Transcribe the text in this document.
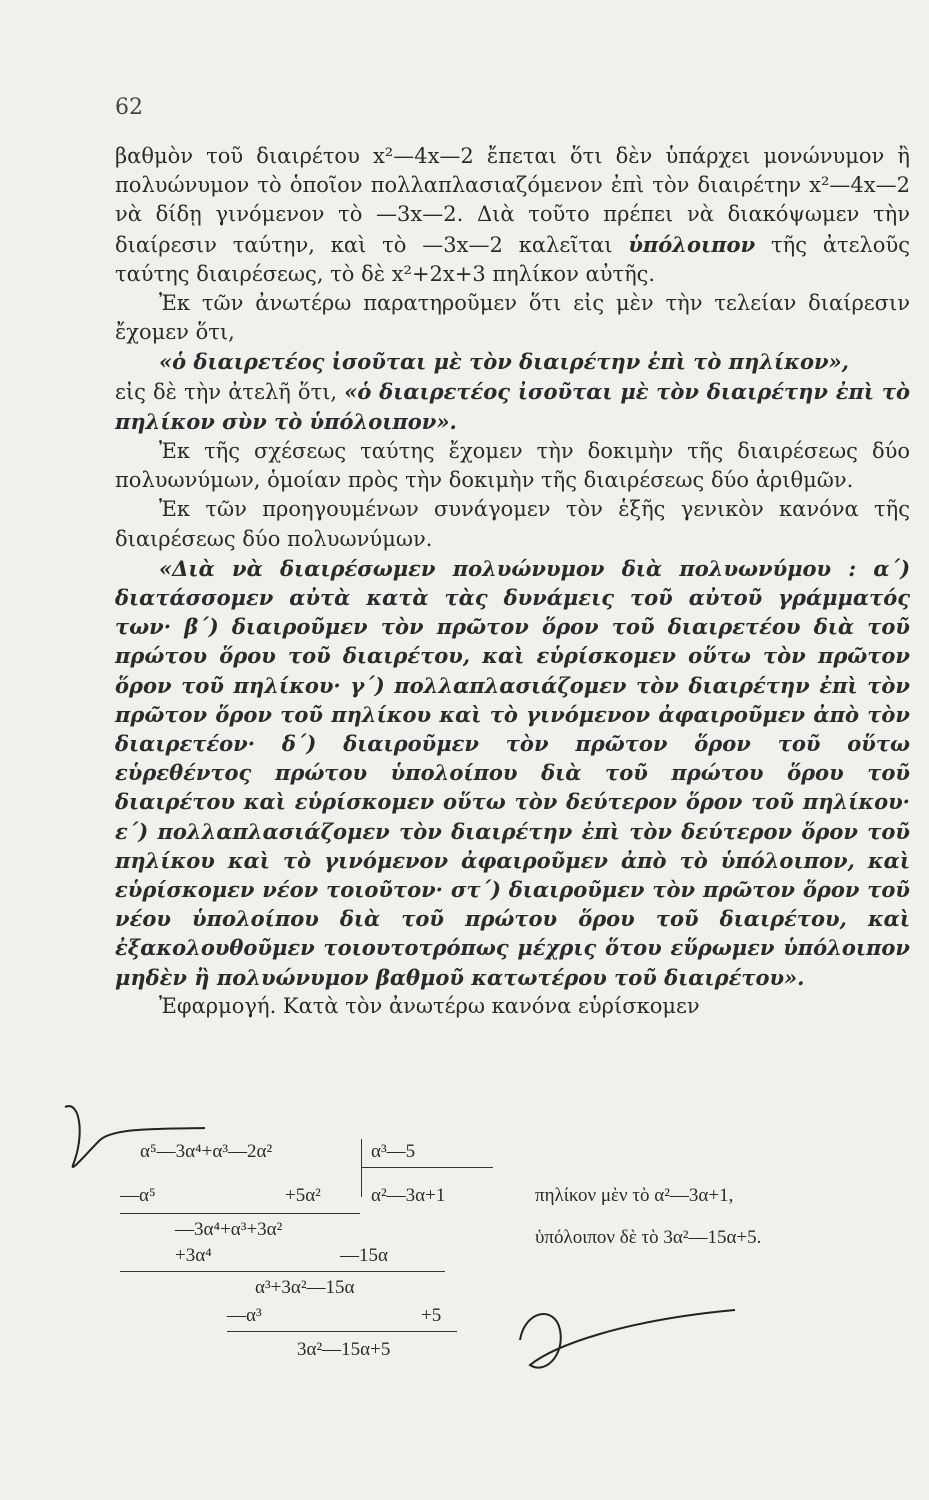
62

βαθμὸν τοῦ διαιρέτου x²—4x—2 ἔπεται ὅτι δὲν ὑπάρχει μονώνυμον ἢ πολυώνυμον τὸ ὁποῖον πολλαπλασιαζόμενον ἐπὶ τὸν διαιρέτην x²—4x—2 νὰ δίδῃ γινόμενον τὸ —3x—2. Διὰ τοῦτο πρέπει νὰ διακόψωμεν τὴν διαίρεσιν ταύτην, καὶ τὸ —3x—2 καλεῖται ὑπόλοιπον τῆς ἀτελοῦς ταύτης διαιρέσεως, τὸ δὲ x²+2x+3 πηλίκον αὐτῆς.

Ἐκ τῶν ἀνωτέρω παρατηροῦμεν ὅτι εἰς μὲν τὴν τελείαν διαίρεσιν ἔχομεν ὅτι,

«ὁ διαιρετέος ἰσοῦται μὲ τὸν διαιρέτην ἐπὶ τὸ πηλίκον»,

εἰς δὲ τὴν ἀτελῆ ὅτι, «ὁ διαιρετέος ἰσοῦται μὲ τὸν διαιρέτην ἐπὶ τὸ πηλίκον σὺν τὸ ὑπόλοιπον».

Ἐκ τῆς σχέσεως ταύτης ἔχομεν τὴν δοκιμὴν τῆς διαιρέσεως δύο πολυωνύμων, ὁμοίαν πρὸς τὴν δοκιμὴν τῆς διαιρέσεως δύο ἀριθμῶν.

Ἐκ τῶν προηγουμένων συνάγομεν τὸν ἑξῆς γενικὸν κανόνα τῆς διαιρέσεως δύο πολυωνύμων.

«Διὰ νὰ διαιρέσωμεν πολυώνυμον διὰ πολυωνύμου : α΄) διατάσσομεν αὐτὰ κατὰ τὰς δυνάμεις τοῦ αὐτοῦ γράμματός των· β΄) διαιροῦμεν τὸν πρῶτον ὅρον τοῦ διαιρετέου διὰ τοῦ πρώτου ὅρου τοῦ διαιρέτου, καὶ εὑρίσκομεν οὕτω τὸν πρῶτον ὅρον τοῦ πηλίκου· γ΄) πολλαπλασιάζομεν τὸν διαιρέτην ἐπὶ τὸν πρῶτον ὅρον τοῦ πηλίκου καὶ τὸ γινόμενον ἀφαιροῦμεν ἀπὸ τὸν διαιρετέον· δ΄) διαιροῦμεν τὸν πρῶτον ὅρον τοῦ οὕτω εὑρεθέντος πρώτου ὑπολοίπου διὰ τοῦ πρώτου ὅρου τοῦ διαιρέτου καὶ εὑρίσκομεν οὕτω τὸν δεύτερον ὅρον τοῦ πηλίκου· ε΄) πολλαπλασιάζομεν τὸν διαιρέτην ἐπὶ τὸν δεύτερον ὅρον τοῦ πηλίκου καὶ τὸ γινόμενον ἀφαιροῦμεν ἀπὸ τὸ ὑπόλοιπον, καὶ εὑρίσκομεν νέον τοιοῦτον· στ΄) διαιροῦμεν τὸν πρῶτον ὅρον τοῦ νέου ὑπολοίπου διὰ τοῦ πρώτου ὅρου τοῦ διαιρέτου, καὶ ἐξακολουθοῦμεν τοιουτοτρόπως μέχρις ὅτου εὕρωμεν ὑπόλοιπον μηδὲν ἢ πολυώνυμον βαθμοῦ κατωτέρου τοῦ διαιρέτου».

Ἐφαρμογή. Κατὰ τὸν ἀνωτέρω κανόνα εὑρίσκομεν

α⁵—3α⁴+α³—2α²	α³—5
—α⁵	+5α²	α²—3α+1	πηλίκον μὲν τὸ α²—3α+1,
—3α⁴+α³+3α²	ὑπόλοιπον δὲ τὸ 3α²—15α+5.
+3α⁴	—15α
α³+3α²—15α
—α³	+5
3α²—15α+5
